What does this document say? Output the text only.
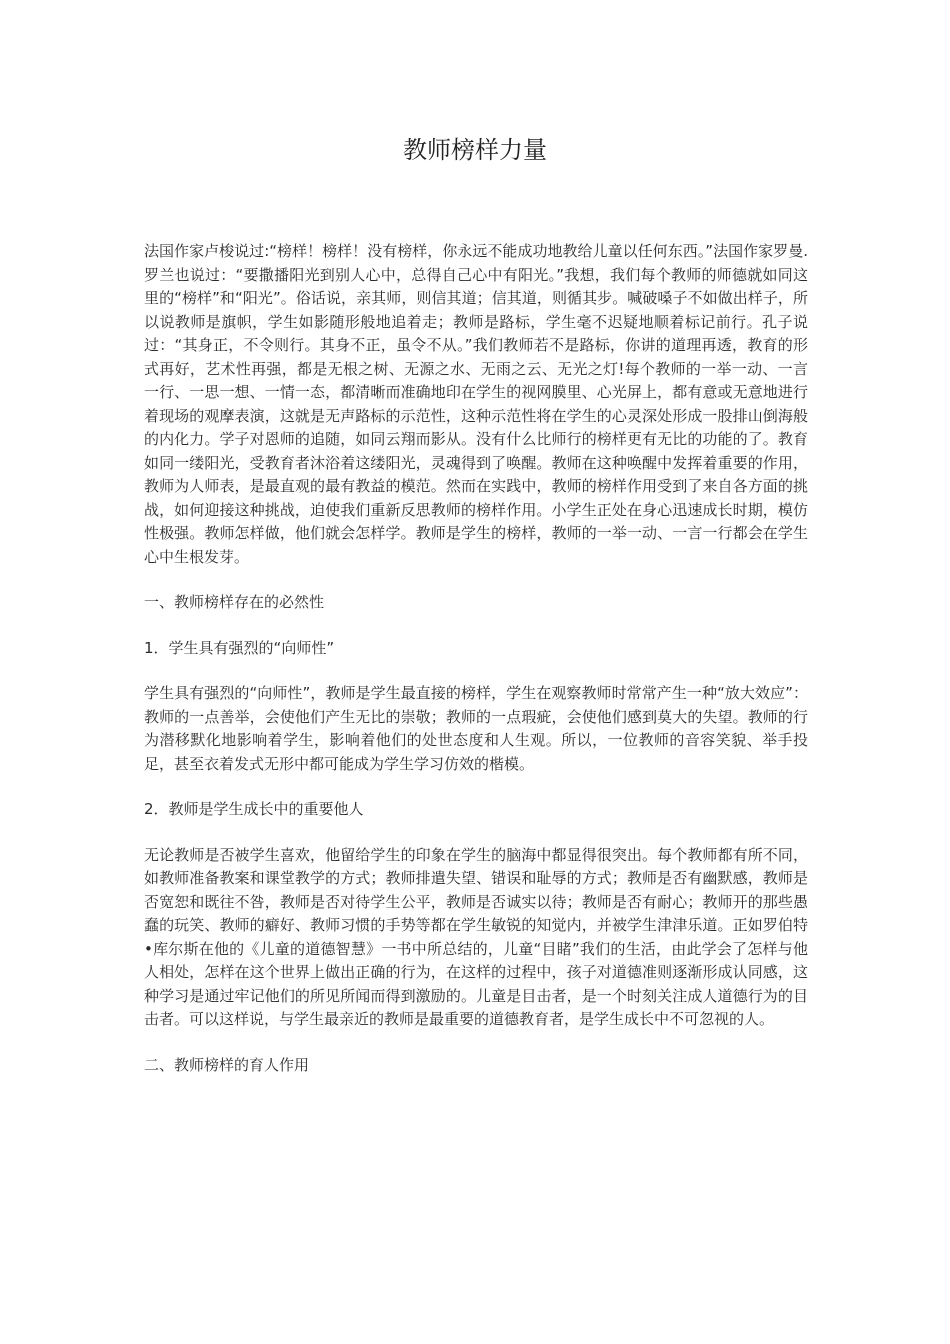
教师榜样力量

法国作家卢梭说过:“榜样！榜样！没有榜样，你永远不能成功地教给儿童以任何东西。”法国作家罗曼.罗兰也说过：“要撒播阳光到别人心中，总得自己心中有阳光。”我想，我们每个教师的师德就如同这里的“榜样”和“阳光”。俗话说，亲其师，则信其道；信其道，则循其步。喊破嗓子不如做出样子，所以说教师是旗帜，学生如影随形般地追着走；教师是路标，学生毫不迟疑地顺着标记前行。孔子说过：“其身正，不令则行。其身不正，虽令不从。”我们教师若不是路标，你讲的道理再透，教育的形式再好，艺术性再强，都是无根之树、无源之水、无雨之云、无光之灯!每个教师的一举一动、一言一行、一思一想、一情一态，都清晰而准确地印在学生的视网膜里、心光屏上，都有意或无意地进行着现场的观摩表演，这就是无声路标的示范性，这种示范性将在学生的心灵深处形成一股排山倒海般的内化力。学子对恩师的追随，如同云翔而影从。没有什么比师行的榜样更有无比的功能的了。教育如同一缕阳光，受教育者沐浴着这缕阳光，灵魂得到了唤醒。教师在这种唤醒中发挥着重要的作用，教师为人师表，是最直观的最有教益的模范。然而在实践中，教师的榜样作用受到了来自各方面的挑战，如何迎接这种挑战，迫使我们重新反思教师的榜样作用。小学生正处在身心迅速成长时期，模仿性极强。教师怎样做，他们就会怎样学。教师是学生的榜样，教师的一举一动、一言一行都会在学生心中生根发芽。

一、教师榜样存在的必然性

1．学生具有强烈的“向师性”

学生具有强烈的“向师性”，教师是学生最直接的榜样，学生在观察教师时常常产生一种“放大效应”：教师的一点善举，会使他们产生无比的崇敬；教师的一点瑕疵，会使他们感到莫大的失望。教师的行为潜移默化地影响着学生，影响着他们的处世态度和人生观。所以，一位教师的音容笑貌、举手投足，甚至衣着发式无形中都可能成为学生学习仿效的楷模。

2．教师是学生成长中的重要他人

无论教师是否被学生喜欢，他留给学生的印象在学生的脑海中都显得很突出。每个教师都有所不同，如教师准备教案和课堂教学的方式；教师排遣失望、错误和耻辱的方式；教师是否有幽默感，教师是否宽恕和既往不咎，教师是否对待学生公平，教师是否诚实以待；教师是否有耐心；教师开的那些愚蠢的玩笑、教师的癖好、教师习惯的手势等都在学生敏锐的知觉内，并被学生津津乐道。正如罗伯特•库尔斯在他的《儿童的道德智慧》一书中所总结的，儿童“目睹”我们的生活，由此学会了怎样与他人相处，怎样在这个世界上做出正确的行为，在这样的过程中，孩子对道德准则逐渐形成认同感，这种学习是通过牢记他们的所见所闻而得到激励的。儿童是目击者，是一个时刻关注成人道德行为的目击者。可以这样说，与学生最亲近的教师是最重要的道德教育者，是学生成长中不可忽视的人。

二、教师榜样的育人作用
